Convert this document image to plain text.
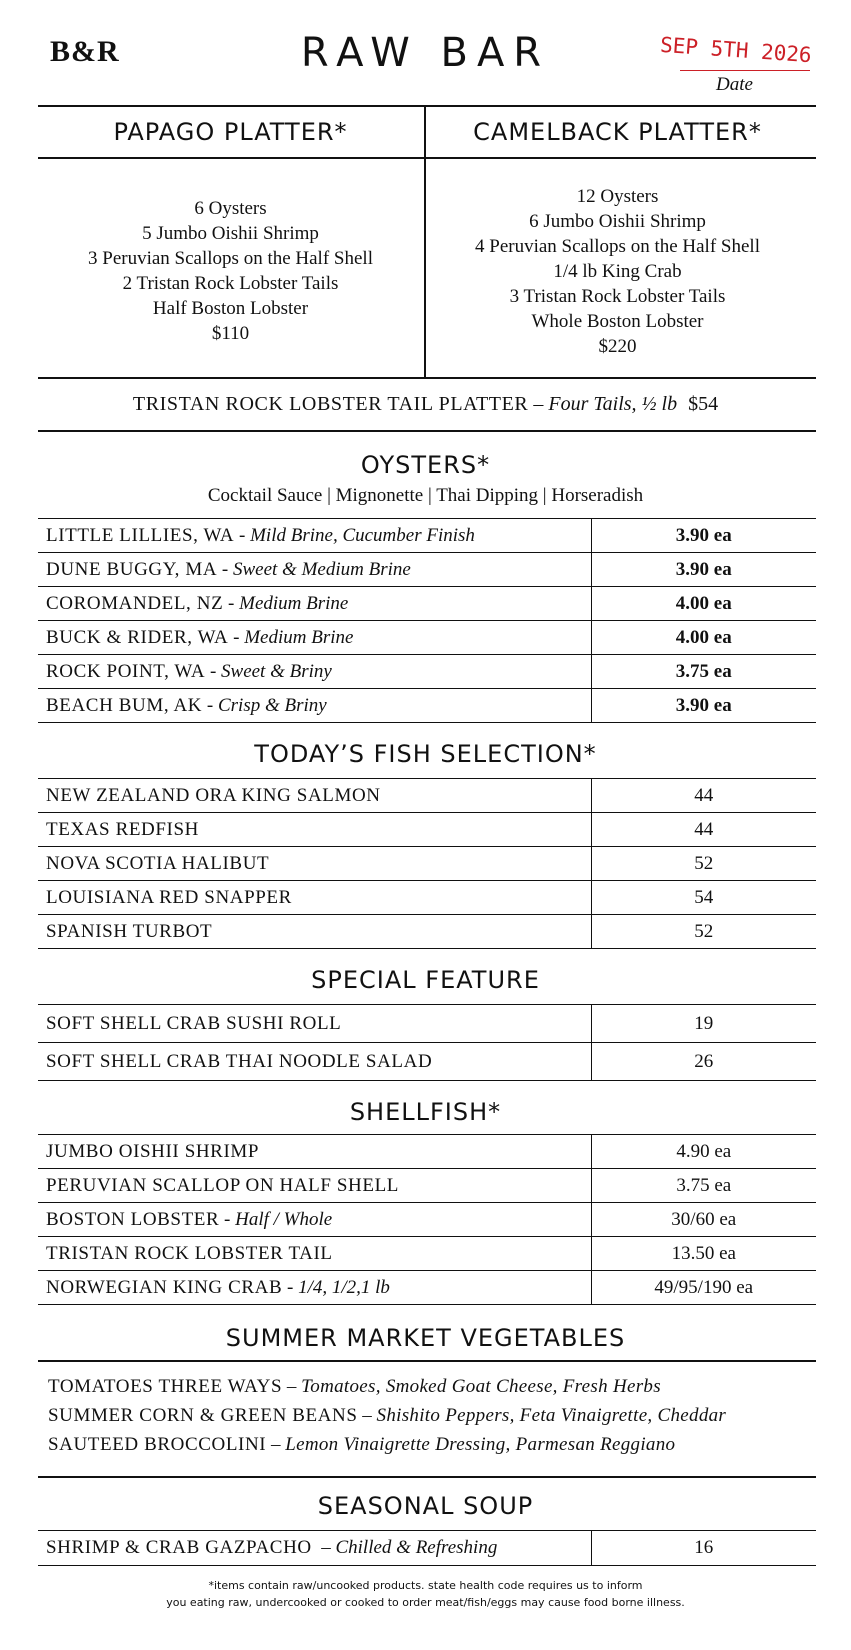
B&R	RAW BAR	SEP 5TH 2026
Date
PAPAGO PLATTER*	CAMELBACK PLATTER*
6 Oysters
5 Jumbo Oishii Shrimp
3 Peruvian Scallops on the Half Shell
2 Tristan Rock Lobster Tails
Half Boston Lobster
$110
12 Oysters
6 Jumbo Oishii Shrimp
4 Peruvian Scallops on the Half Shell
1/4 lb King Crab
3 Tristan Rock Lobster Tails
Whole Boston Lobster
$220
TRISTAN ROCK LOBSTER TAIL PLATTER – Four Tails, ½ lb $54
OYSTERS*
Cocktail Sauce | Mignonette | Thai Dipping | Horseradish
LITTLE LILLIES, WA - Mild Brine, Cucumber Finish	3.90 ea
DUNE BUGGY, MA - Sweet & Medium Brine	3.90 ea
COROMANDEL, NZ - Medium Brine	4.00 ea
BUCK & RIDER, WA - Medium Brine	4.00 ea
ROCK POINT, WA - Sweet & Briny	3.75 ea
BEACH BUM, AK - Crisp & Briny	3.90 ea
TODAY’S FISH SELECTION*
NEW ZEALAND ORA KING SALMON	44
TEXAS REDFISH	44
NOVA SCOTIA HALIBUT	52
LOUISIANA RED SNAPPER	54
SPANISH TURBOT	52
SPECIAL FEATURE
SOFT SHELL CRAB SUSHI ROLL	19
SOFT SHELL CRAB THAI NOODLE SALAD	26
SHELLFISH*
JUMBO OISHII SHRIMP	4.90 ea
PERUVIAN SCALLOP ON HALF SHELL	3.75 ea
BOSTON LOBSTER - Half / Whole	30/60 ea
TRISTAN ROCK LOBSTER TAIL	13.50 ea
NORWEGIAN KING CRAB - 1/4, 1/2,1 lb	49/95/190 ea
SUMMER MARKET VEGETABLES
TOMATOES THREE WAYS – Tomatoes, Smoked Goat Cheese, Fresh Herbs
SUMMER CORN & GREEN BEANS – Shishito Peppers, Feta Vinaigrette, Cheddar
SAUTEED BROCCOLINI – Lemon Vinaigrette Dressing, Parmesan Reggiano
SEASONAL SOUP
SHRIMP & CRAB GAZPACHO  – Chilled & Refreshing	16
*items contain raw/uncooked products. state health code requires us to inform
you eating raw, undercooked or cooked to order meat/fish/eggs may cause food borne illness.
